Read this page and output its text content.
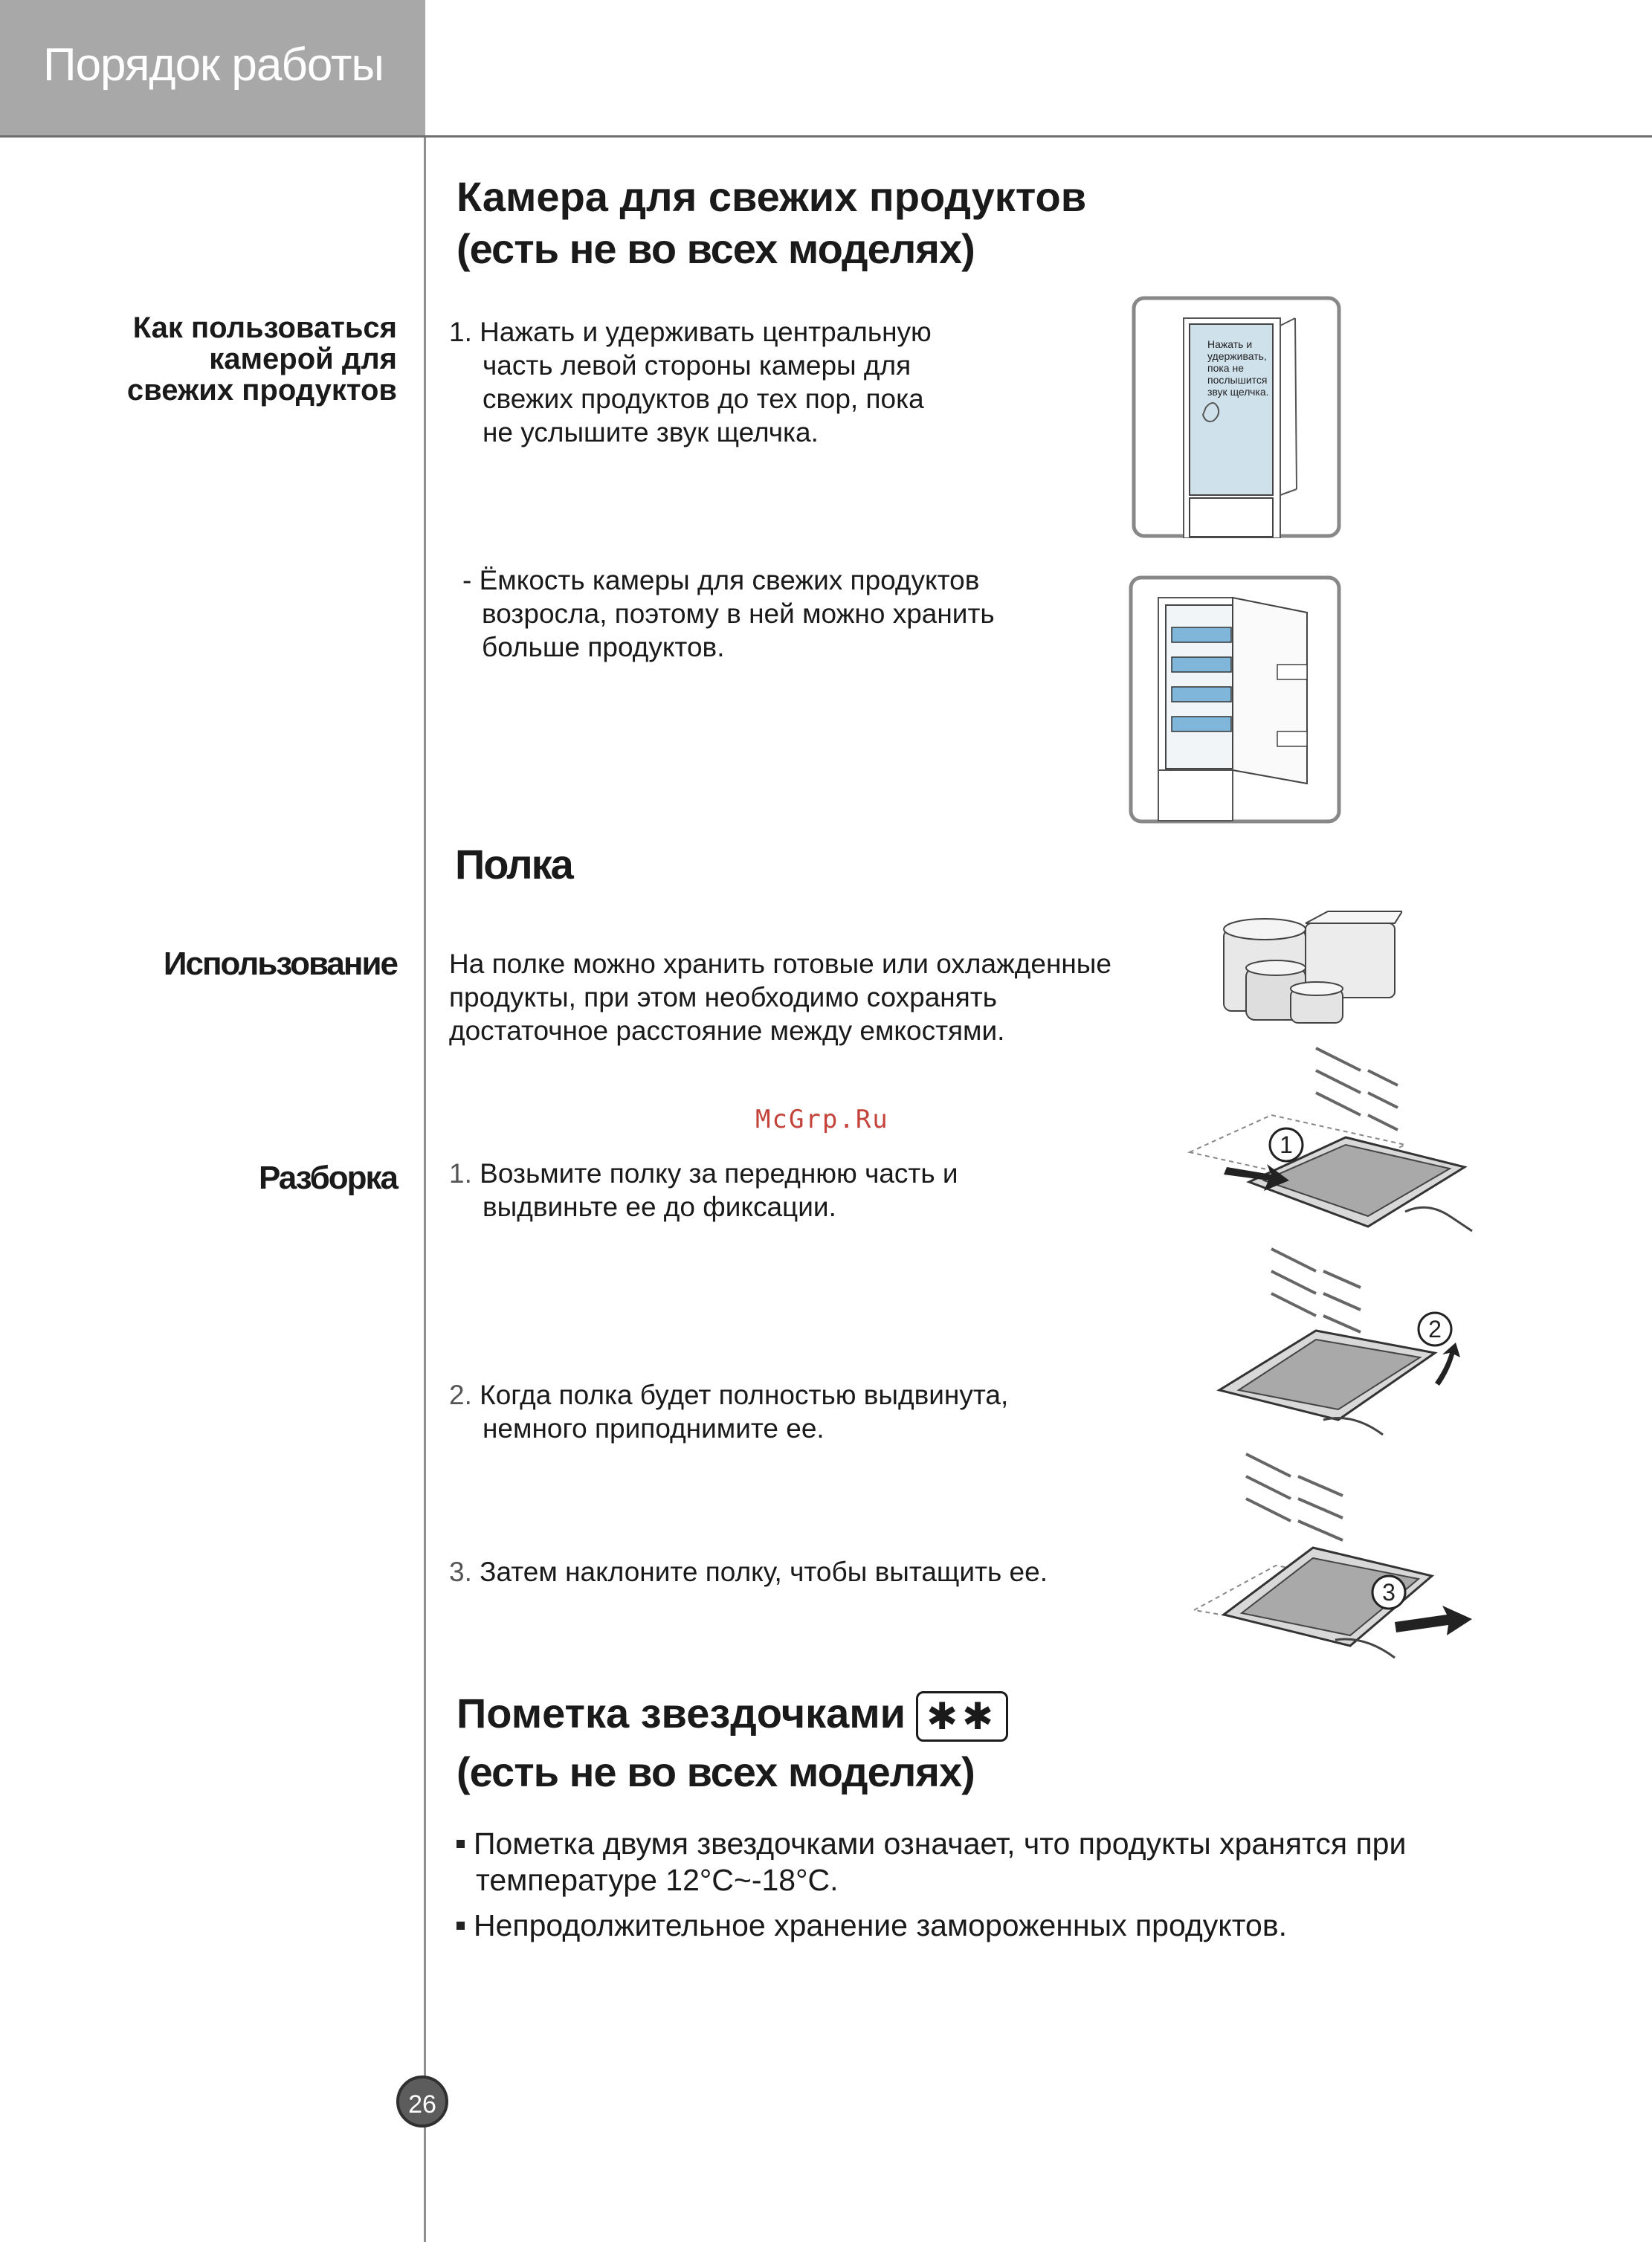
Порядок работы
Камера для свежих продуктов
(есть не во всех моделях)
Как пользоваться
камерой для
свежих продуктов
1. Нажать и удерживать центральную
часть левой стороны камеры для
свежих продуктов до тех пор, пока
не услышите звук щелчка.
- Ёмкость камеры для свежих продуктов
возросла, поэтому в ней можно хранить
больше продуктов.
Нажать и удерживать, пока не послышится звук щелчка.
Полка
Использование На полке можно хранить готовые или охлажденные
продукты, при этом необходимо сохранять
достаточное расстояние между емкостями.
McGrp.Ru
Разборка 1. Возьмите полку за переднюю часть и
выдвиньте ее до фиксации.
2. Когда полка будет полностью выдвинута,
немного приподнимите ее.
3. Затем наклоните полку, чтобы вытащить ее.
1
2
3
Пометка звездочками ✱✱
(есть не во всех моделях)
Пометка двумя звездочками означает, что продукты хранятся при
температуре 12°C~-18°C.
Непродолжительное хранение замороженных продуктов.
26
